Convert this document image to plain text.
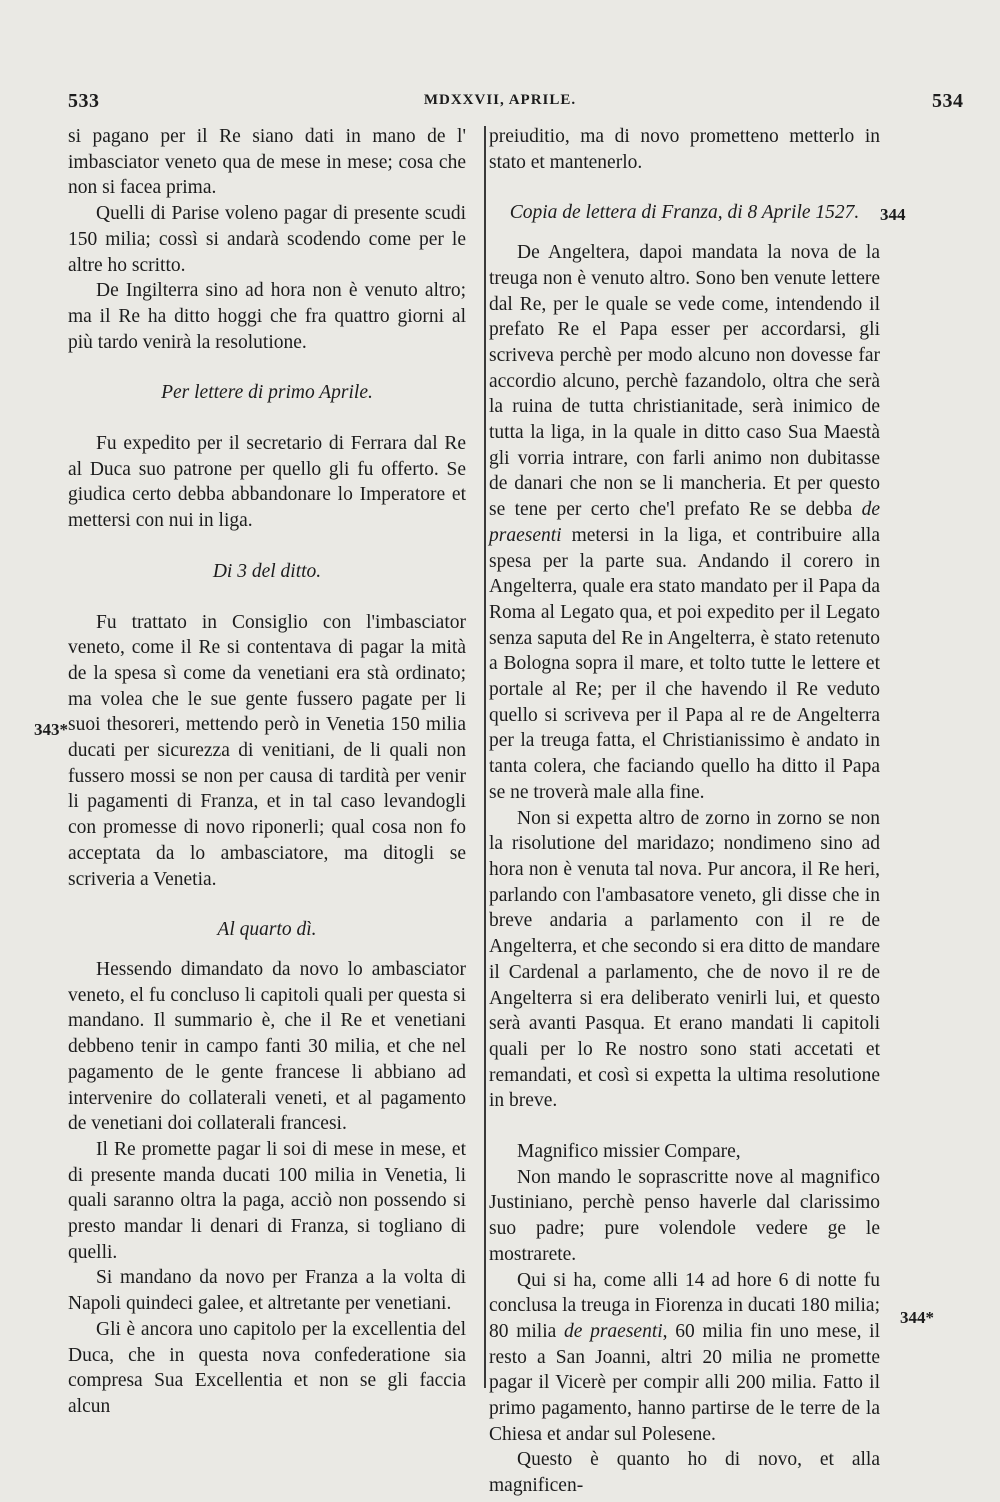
533	MDXXVII, APRILE.	534
343*
344
344*

si pagano per il Re siano dati in mano de l' imbasciator veneto qua de mese in mese; cosa che non si facea prima.

Quelli di Parise voleno pagar di presente scudi 150 milia; cossì si andarà scodendo come per le altre ho scritto.

De Ingilterra sino ad hora non è venuto altro; ma il Re ha ditto hoggi che fra quattro giorni al più tardo venirà la resolutione.

Per lettere di primo Aprile.

Fu expedito per il secretario di Ferrara dal Re al Duca suo patrone per quello gli fu offerto. Se giudica certo debba abbandonare lo Imperatore et mettersi con nui in liga.

Di 3 del ditto.

Fu trattato in Consiglio con l'imbasciator veneto, come il Re si contentava di pagar la mità de la spesa sì come da venetiani era stà ordinato; ma volea che le sue gente fussero pagate per li suoi thesoreri, mettendo però in Venetia 150 milia ducati per sicurezza di venitiani, de li quali non fussero mossi se non per causa di tardità per venir li pagamenti di Franza, et in tal caso levandogli con promesse di novo riponerli; qual cosa non fo acceptata da lo ambasciatore, ma ditogli se scriveria a Venetia.

Al quarto dì.

Hessendo dimandato da novo lo ambasciator veneto, el fu concluso li capitoli quali per questa si mandano. Il summario è, che il Re et venetiani debbeno tenir in campo fanti 30 milia, et che nel pagamento de le gente francese li abbiano ad intervenire do collaterali veneti, et al pagamento de venetiani doi collaterali francesi.

Il Re promette pagar li soi di mese in mese, et di presente manda ducati 100 milia in Venetia, li quali saranno oltra la paga, acciò non possendo si presto mandar li denari di Franza, si togliano di quelli.

Si mandano da novo per Franza a la volta di Napoli quindeci galee, et altretante per venetiani.

Gli è ancora uno capitolo per la excellentia del Duca, che in questa nova confederatione sia compresa Sua Excellentia et non se gli faccia alcun

preiuditio, ma di novo prometteno metterlo in stato et mantenerlo.

Copia de lettera di Franza, di 8 Aprile 1527.

De Angeltera, dapoi mandata la nova de la treuga non è venuto altro. Sono ben venute lettere dal Re, per le quale se vede come, intendendo il prefato Re el Papa esser per accordarsi, gli scriveva perchè per modo alcuno non dovesse far accordio alcuno, perchè fazandolo, oltra che serà la ruina de tutta christianitade, serà inimico de tutta la liga, in la quale in ditto caso Sua Maestà gli vorria intrare, con farli animo non dubitasse de danari che non se li mancheria. Et per questo se tene per certo che'l prefato Re se debba de praesenti metersi in la liga, et contribuire alla spesa per la parte sua. Andando il corero in Angelterra, quale era stato mandato per il Papa da Roma al Legato qua, et poi expedito per il Legato senza saputa del Re in Angelterra, è stato retenuto a Bologna sopra il mare, et tolto tutte le lettere et portale al Re; per il che havendo il Re veduto quello si scriveva per il Papa al re de Angelterra per la treuga fatta, el Christianissimo è andato in tanta colera, che faciando quello ha ditto il Papa se ne troverà male alla fine.

Non si expetta altro de zorno in zorno se non la risolutione del maridazo; nondimeno sino ad hora non è venuta tal nova. Pur ancora, il Re heri, parlando con l'ambasatore veneto, gli disse che in breve andaria a parlamento con il re de Angelterra, et che secondo si era ditto de mandare il Cardenal a parlamento, che de novo il re de Angelterra si era deliberato venirli lui, et questo serà avanti Pasqua. Et erano mandati li capitoli quali per lo Re nostro sono stati accetati et remandati, et così si expetta la ultima resolutione in breve.

Magnifico missier Compare,

Non mando le soprascritte nove al magnifico Justiniano, perchè penso haverle dal clarissimo suo padre; pure volendole vedere ge le mostrarete.

Qui si ha, come alli 14 ad hore 6 di notte fu conclusa la treuga in Fiorenza in ducati 180 milia; 80 milia de praesenti, 60 milia fin uno mese, il resto a San Joanni, altri 20 milia ne promette pagar il Vicerè per compir alli 200 milia. Fatto il primo pagamento, hanno partirse de le terre de la Chiesa et andar sul Polesene.

Questo è quanto ho di novo, et alla magnificen-
